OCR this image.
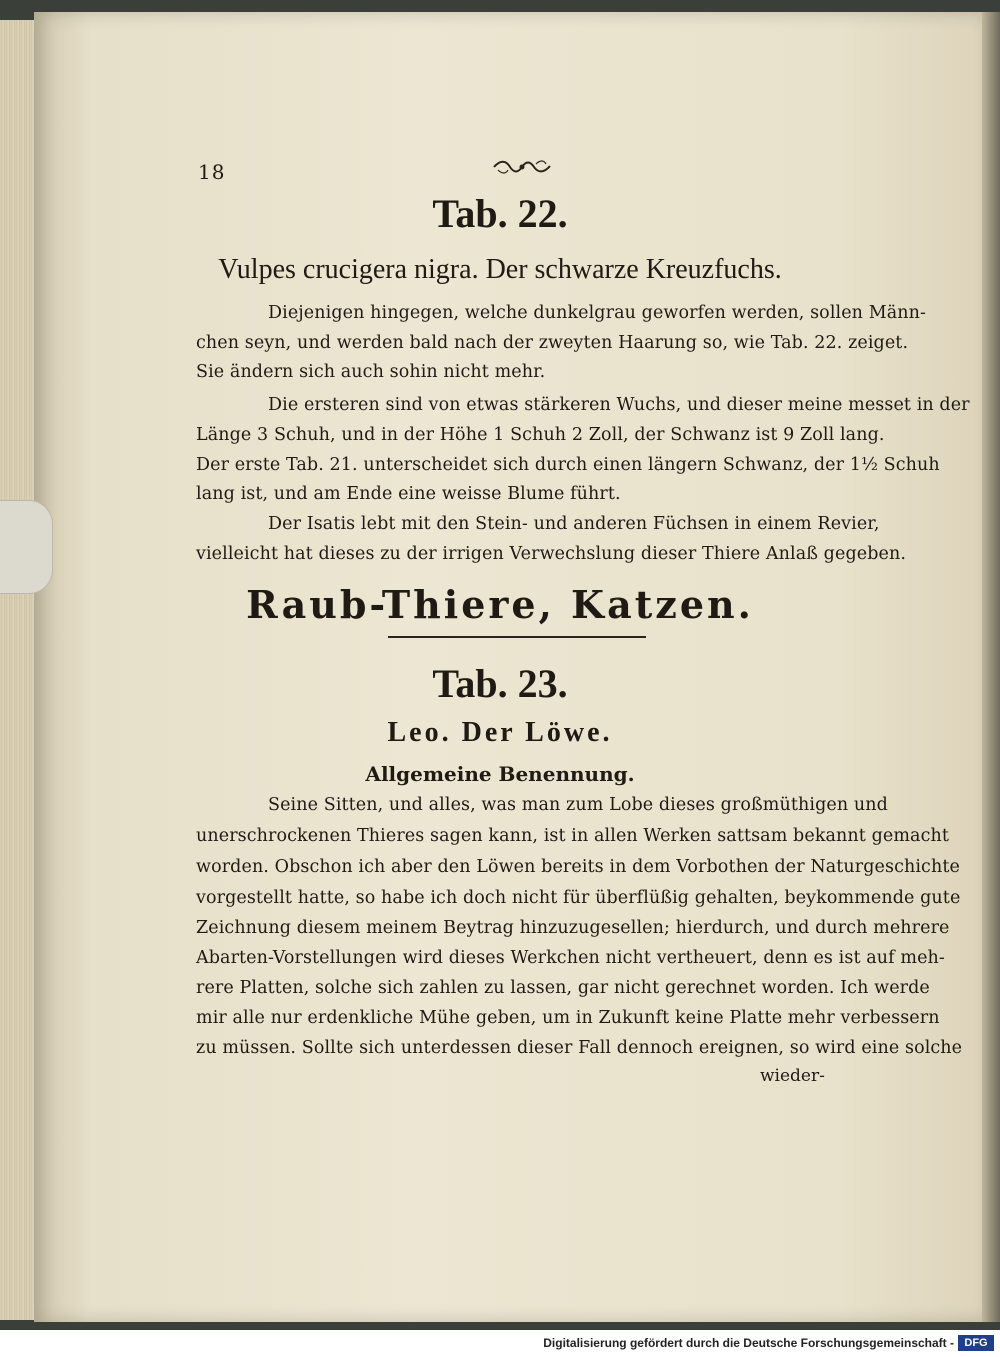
18
Tab. 22.
Vulpes crucigera nigra. Der schwarze Kreuzfuchs.
Diejenigen hingegen, welche dunkelgrau geworfen werden, sollen Männ-
chen seyn, und werden bald nach der zweyten Haarung so, wie Tab. 22. zeiget.
Sie ändern sich auch sohin nicht mehr.
Die ersteren sind von etwas stärkeren Wuchs, und dieser meine messet in der
Länge 3 Schuh, und in der Höhe 1 Schuh 2 Zoll, der Schwanz ist 9 Zoll lang.
Der erste Tab. 21. unterscheidet sich durch einen längern Schwanz, der 1½ Schuh
lang ist, und am Ende eine weisse Blume führt.
Der Isatis lebt mit den Stein- und anderen Füchsen in einem Revier,
vielleicht hat dieses zu der irrigen Verwechslung dieser Thiere Anlaß gegeben.
Raub-Thiere, Katzen.
Tab. 23.
Leo. Der Löwe.
Allgemeine Benennung.
Seine Sitten, und alles, was man zum Lobe dieses großmüthigen und
unerschrockenen Thieres sagen kann, ist in allen Werken sattsam bekannt gemacht
worden. Obschon ich aber den Löwen bereits in dem Vorbothen der Naturgeschichte
vorgestellt hatte, so habe ich doch nicht für überflüßig gehalten, beykommende gute
Zeichnung diesem meinem Beytrag hinzuzugesellen; hierdurch, und durch mehrere
Abarten-Vorstellungen wird dieses Werkchen nicht vertheuert, denn es ist auf meh-
rere Platten, solche sich zahlen zu lassen, gar nicht gerechnet worden. Ich werde
mir alle nur erdenkliche Mühe geben, um in Zukunft keine Platte mehr verbessern
zu müssen. Sollte sich unterdessen dieser Fall dennoch ereignen, so wird eine solche
wieder-
Digitalisierung gefördert durch die Deutsche Forschungsgemeinschaft - DFG
